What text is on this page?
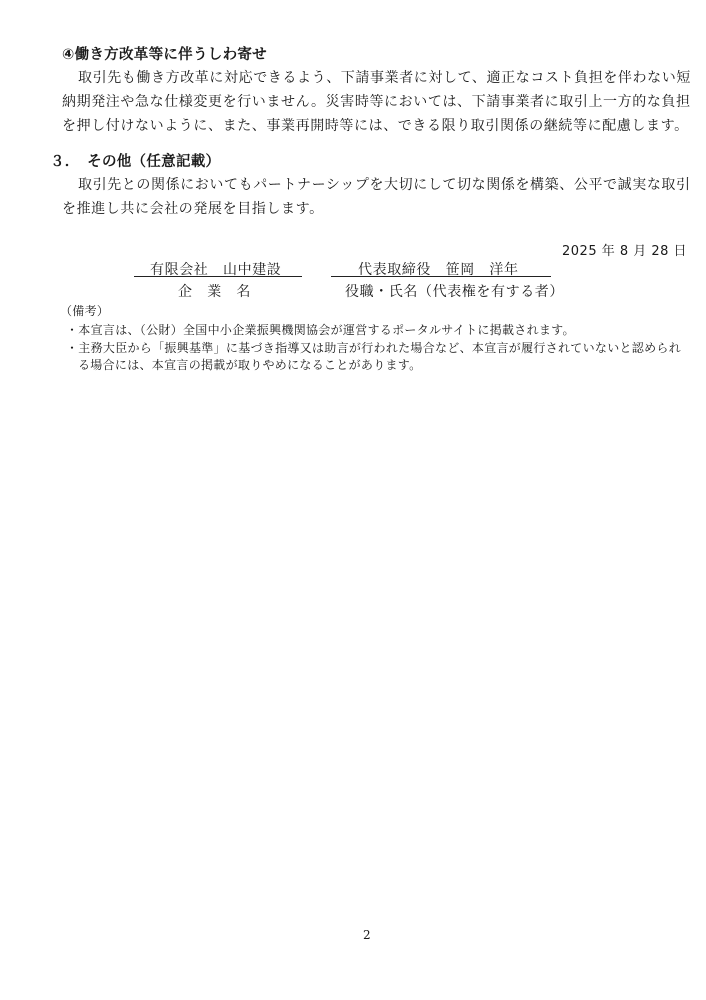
④働き方改革等に伴うしわ寄せ
取引先も働き方改革に対応できるよう、下請事業者に対して、適正なコスト負担を伴わない短
納期発注や急な仕様変更を行いません。災害時等においては、下請事業者に取引上一方的な負担
を押し付けないように、また、事業再開時等には、できる限り取引関係の継続等に配慮します。
３．　その他（任意記載）
取引先との関係においてもパートナーシップを大切にして切な関係を構築、公平で誠実な取引
を推進し共に会社の発展を目指します。
2025 年 8 月 28 日
有限会社　山中建設
企　業　名
代表取締役　笹岡　洋年
役職・氏名（代表権を有する者）
（備考）
・本宣言は、（公財）全国中小企業振興機関協会が運営するポータルサイトに掲載されます。
・主務大臣から「振興基準」に基づき指導又は助言が行われた場合など、本宣言が履行されていないと認められ
る場合には、本宣言の掲載が取りやめになることがあります。
2
